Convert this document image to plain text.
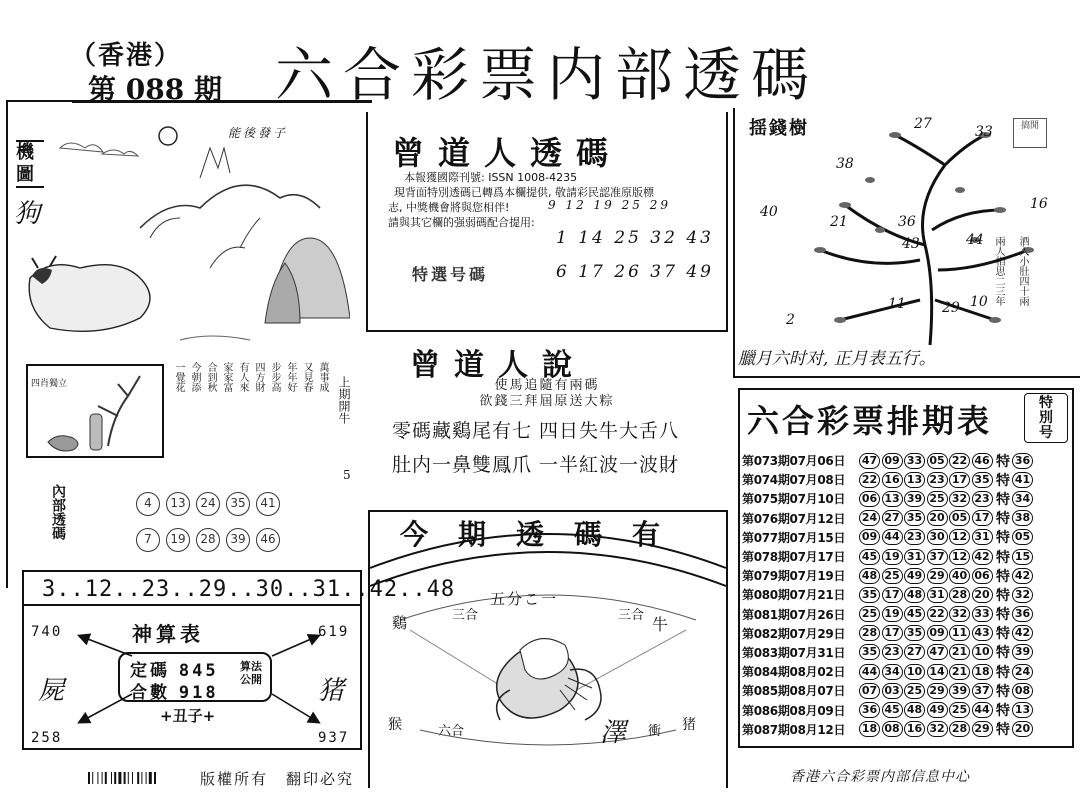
（香港）
第 088 期 六合彩票内部透碼
機圖
狗
能後發子
四肖獨立	一覺花 今朝添 合到秋 家家富 有人來 四方財 步步高 年年好 又見春 萬事成 上期開牛
5
內部透碼	4	13	24	35	41
7	19	28	39	46
3..12..23..29..30..31..42..48
神算表
定碼 845
合數 918
算法公開
+丑子+
740	619
258	937
屍	猪
曾道人透碼
本報獲國際刊號: ISSN 1008-4235
現背面特別透碼已轉爲本欄提供, 敬請彩民認准原版標
志, 中獎機會將與您相伴!
請與其它欄的强弱碼配合提用:
9 12 19 25 29
1 14 25 32 43
特選号碼	6 17 26 37 49
曾道人說
使馬追隨有兩碼
欲錢三拜屆原送大粽
零碼藏鷄尾有七 四日失牛大舌八
肚内一鼻雙鳳爪 一半紅波一波財
今期透碼有
五分こ一
鷄	三合	三合 牛
猴	六合	衝 猪
澤
揺錢樹	搞閒
27	33
38
40	16
21	36
43	44
11	29 10
2
兩人相思二三年 酒入小肚四十兩
臘月六时对, 正月表五行。
六合彩票排期表	特別号
第073期07月06日	47 09 33 05 22 46 特 36
第074期07月08日	22 16 13 23 17 35 特 41
第075期07月10日	06 13 39 25 32 23 特 34
第076期07月12日	24 27 35 20 05 17 特 38
第077期07月15日	09 44 23 30 12 31 特 05
第078期07月17日	45 19 31 37 12 42 特 15
第079期07月19日	48 25 49 29 40 06 特 42
第080期07月21日	35 17 48 31 28 20 特 32
第081期07月26日	25 19 45 22 32 33 特 36
第082期07月29日	28 17 35 09 11 43 特 42
第083期07月31日	35 23 27 47 21 10 特 39
第084期08月02日	44 34 10 14 21 18 特 24
第085期08月07日	07 03 25 29 39 37 特 08
第086期08月09日	36 45 48 49 25 44 特 13
第087期08月12日	18 08 16 32 28 29 特 20
版權所有 翻印必究	香港六合彩票内部信息中心
